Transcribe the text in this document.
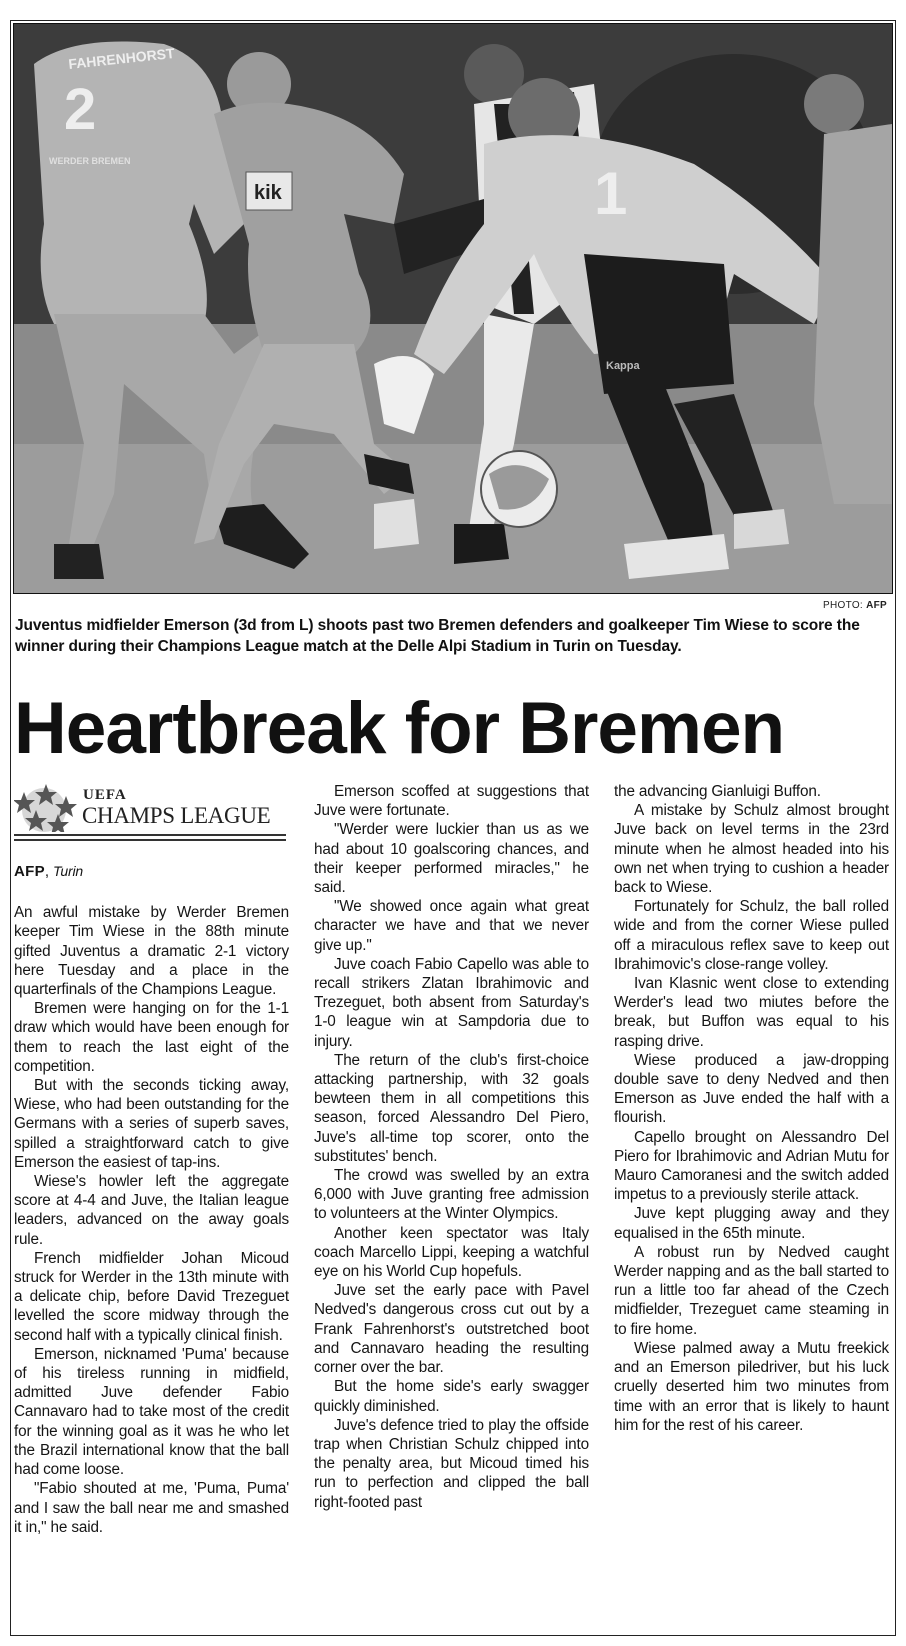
2
FAHRENHORST
WERDER BREMEN
kik	1
Kappa
PHOTO: AFP
Juventus midfielder Emerson (3d from L) shoots past two Bremen defenders and goalkeeper Tim Wiese to score the winner during their Champions League match at the Delle Alpi Stadium in Turin on Tuesday.
Heartbreak for Bremen
UEFA
CHAMPS LEAGUE
AFP, Turin

An awful mistake by Werder Bremen keeper Tim Wiese in the 88th minute gifted Juventus a dramatic 2-1 victory here Tuesday and a place in the quarterfinals of the Champions League.

Bremen were hanging on for the 1-1 draw which would have been enough for them to reach the last eight of the competition.

But with the seconds ticking away, Wiese, who had been outstanding for the Germans with a series of superb saves, spilled a straightforward catch to give Emerson the easiest of tap-ins.

Wiese's howler left the aggregate score at 4-4 and Juve, the Italian league leaders, advanced on the away goals rule.

French midfielder Johan Micoud struck for Werder in the 13th minute with a delicate chip, before David Trezeguet levelled the score midway through the second half with a typically clinical finish.

Emerson, nicknamed 'Puma' because of his tireless running in midfield, admitted Juve defender Fabio Cannavaro had to take most of the credit for the winning goal as it was he who let the Brazil international know that the ball had come loose.

"Fabio shouted at me, 'Puma, Puma' and I saw the ball near me and smashed it in," he said.

Emerson scoffed at suggestions that Juve were fortunate.

"Werder were luckier than us as we had about 10 goalscoring chances, and their keeper performed miracles," he said.

"We showed once again what great character we have and that we never give up."

Juve coach Fabio Capello was able to recall strikers Zlatan Ibrahimovic and Trezeguet, both absent from Saturday's 1-0 league win at Sampdoria due to injury.

The return of the club's first-choice attacking partnership, with 32 goals bewteen them in all competitions this season, forced Alessandro Del Piero, Juve's all-time top scorer, onto the substitutes' bench.

The crowd was swelled by an extra 6,000 with Juve granting free admission to volunteers at the Winter Olympics.

Another keen spectator was Italy coach Marcello Lippi, keeping a watchful eye on his World Cup hopefuls.

Juve set the early pace with Pavel Nedved's dangerous cross cut out by a Frank Fahrenhorst's outstretched boot and Cannavaro heading the resulting corner over the bar.

But the home side's early swagger quickly diminished.

Juve's defence tried to play the offside trap when Christian Schulz chipped into the penalty area, but Micoud timed his run to perfection and clipped the ball right-footed past

the advancing Gianluigi Buffon.

A mistake by Schulz almost brought Juve back on level terms in the 23rd minute when he almost headed into his own net when trying to cushion a header back to Wiese.

Fortunately for Schulz, the ball rolled wide and from the corner Wiese pulled off a miraculous reflex save to keep out Ibrahimovic's close-range volley.

Ivan Klasnic went close to extending Werder's lead two miutes before the break, but Buffon was equal to his rasping drive.

Wiese produced a jaw-dropping double save to deny Nedved and then Emerson as Juve ended the half with a flourish.

Capello brought on Alessandro Del Piero for Ibrahimovic and Adrian Mutu for Mauro Camoranesi and the switch added impetus to a previously sterile attack.

Juve kept plugging away and they equalised in the 65th minute.

A robust run by Nedved caught Werder napping and as the ball started to run a little too far ahead of the Czech midfielder, Trezeguet came steaming in to fire home.

Wiese palmed away a Mutu freekick and an Emerson piledriver, but his luck cruelly deserted him two minutes from time with an error that is likely to haunt him for the rest of his career.
